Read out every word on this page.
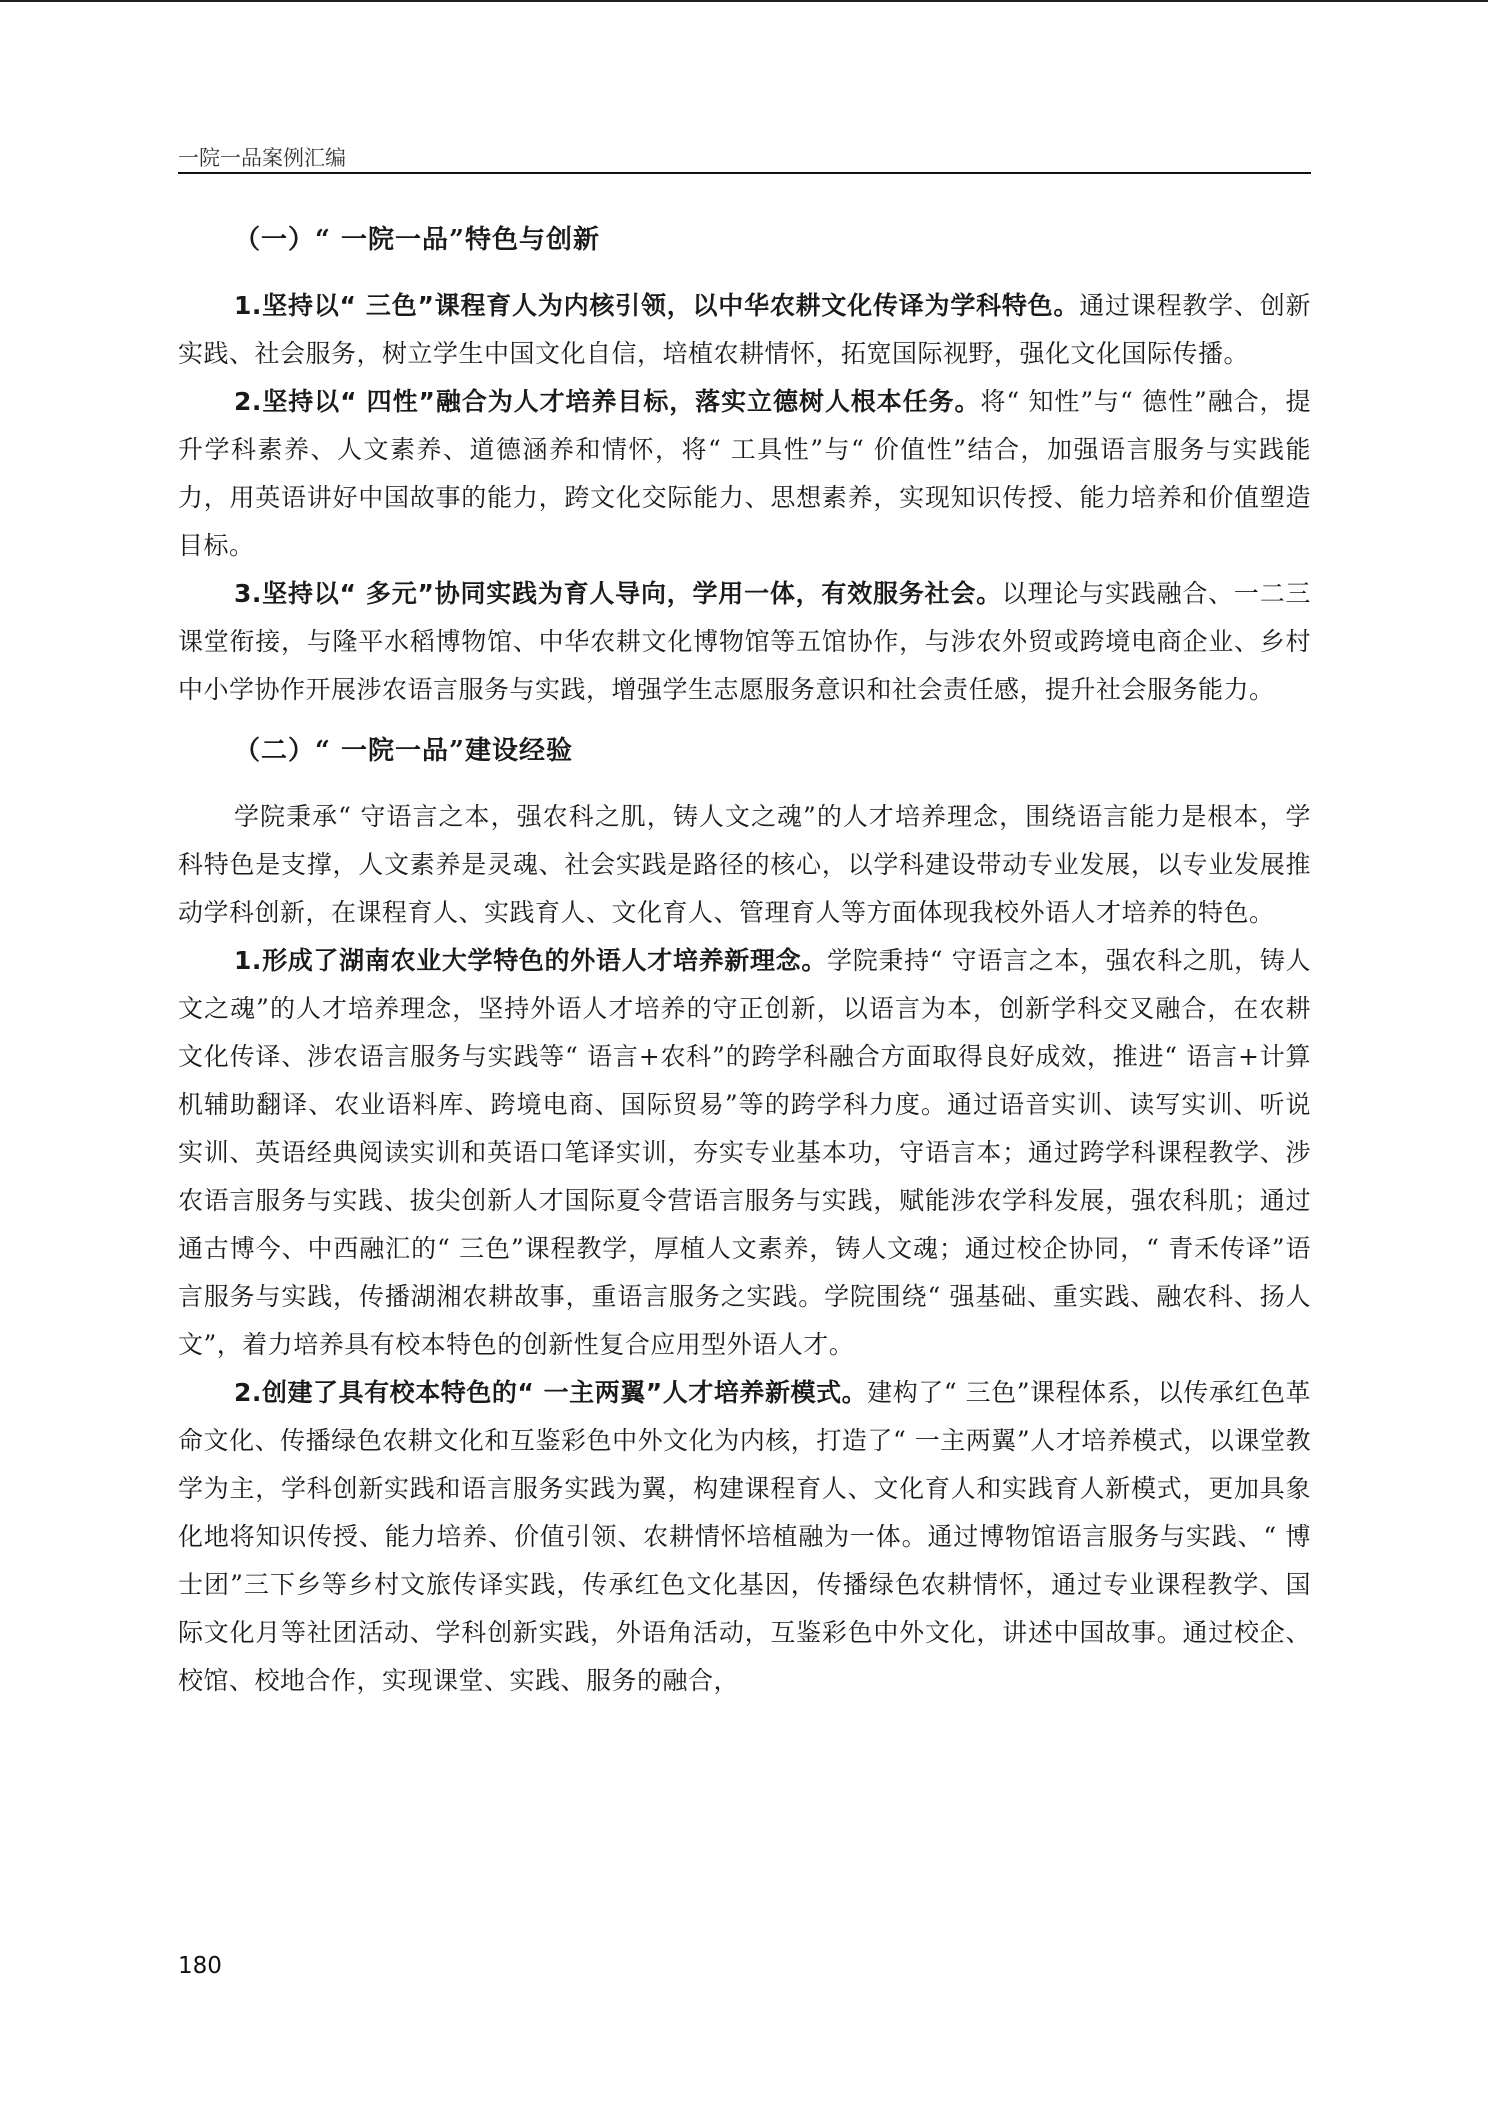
一院一品案例汇编
（一）“ 一院一品”特色与创新

1.坚持以“ 三色”课程育人为内核引领，以中华农耕文化传译为学科特色。通过课程教学、创新实践、社会服务，树立学生中国文化自信，培植农耕情怀，拓宽国际视野，强化文化国际传播。

2.坚持以“ 四性”融合为人才培养目标，落实立德树人根本任务。将“ 知性”与“ 德性”融合，提升学科素养、人文素养、道德涵养和情怀，将“ 工具性”与“ 价值性”结合，加强语言服务与实践能力，用英语讲好中国故事的能力，跨文化交际能力、思想素养，实现知识传授、能力培养和价值塑造目标。

3.坚持以“ 多元”协同实践为育人导向，学用一体，有效服务社会。以理论与实践融合、一二三课堂衔接，与隆平水稻博物馆、中华农耕文化博物馆等五馆协作，与涉农外贸或跨境电商企业、乡村中小学协作开展涉农语言服务与实践，增强学生志愿服务意识和社会责任感，提升社会服务能力。

（二）“ 一院一品”建设经验

学院秉承“ 守语言之本，强农科之肌，铸人文之魂”的人才培养理念，围绕语言能力是根本，学科特色是支撑，人文素养是灵魂、社会实践是路径的核心，以学科建设带动专业发展，以专业发展推动学科创新，在课程育人、实践育人、文化育人、管理育人等方面体现我校外语人才培养的特色。

1.形成了湖南农业大学特色的外语人才培养新理念。学院秉持“ 守语言之本，强农科之肌，铸人文之魂”的人才培养理念，坚持外语人才培养的守正创新，以语言为本，创新学科交叉融合，在农耕文化传译、涉农语言服务与实践等“ 语言+农科”的跨学科融合方面取得良好成效，推进“ 语言+计算机辅助翻译、农业语料库、跨境电商、国际贸易”等的跨学科力度。通过语音实训、读写实训、听说实训、英语经典阅读实训和英语口笔译实训，夯实专业基本功，守语言本；通过跨学科课程教学、涉农语言服务与实践、拔尖创新人才国际夏令营语言服务与实践，赋能涉农学科发展，强农科肌；通过通古博今、中西融汇的“ 三色”课程教学，厚植人文素养，铸人文魂；通过校企协同，“ 青禾传译”语言服务与实践，传播湖湘农耕故事，重语言服务之实践。学院围绕“ 强基础、重实践、融农科、扬人文”，着力培养具有校本特色的创新性复合应用型外语人才。

2.创建了具有校本特色的“ 一主两翼”人才培养新模式。建构了“ 三色”课程体系，以传承红色革命文化、传播绿色农耕文化和互鉴彩色中外文化为内核，打造了“ 一主两翼”人才培养模式，以课堂教学为主，学科创新实践和语言服务实践为翼，构建课程育人、文化育人和实践育人新模式，更加具象化地将知识传授、能力培养、价值引领、农耕情怀培植融为一体。通过博物馆语言服务与实践、“ 博士团”三下乡等乡村文旅传译实践，传承红色文化基因，传播绿色农耕情怀，通过专业课程教学、国际文化月等社团活动、学科创新实践，外语角活动，互鉴彩色中外文化，讲述中国故事。通过校企、校馆、校地合作，实现课堂、实践、服务的融合，

180
